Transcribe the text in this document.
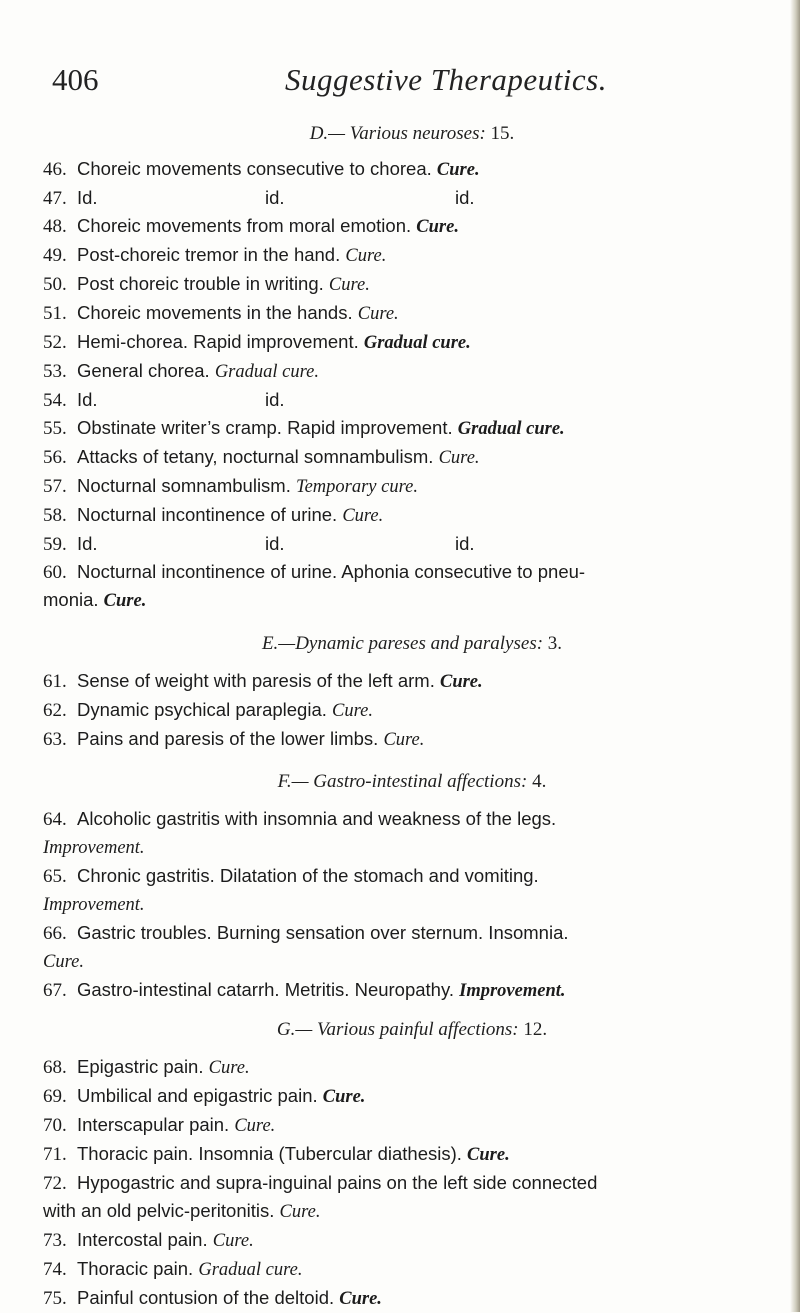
406	Suggestive Therapeutics.

D.— Various neuroses: 15.

46. Choreic movements consecutive to chorea. Cure.

47. Id.	id.	id.

48. Choreic movements from moral emotion. Cure.

49. Post-choreic tremor in the hand. Cure.

50. Post choreic trouble in writing. Cure.

51. Choreic movements in the hands. Cure.

52. Hemi-chorea. Rapid improvement. Gradual cure.

53. General chorea. Gradual cure.

54. Id.	id.

55. Obstinate writer’s cramp. Rapid improvement. Gradual cure.

56. Attacks of tetany, nocturnal somnambulism. Cure.

57. Nocturnal somnambulism. Temporary cure.

58. Nocturnal incontinence of urine. Cure.

59. Id.	id.	id.

60. Nocturnal incontinence of urine. Aphonia consecutive to pneu-
monia. Cure.

E.—Dynamic pareses and paralyses: 3.

61. Sense of weight with paresis of the left arm. Cure.

62. Dynamic psychical paraplegia. Cure.

63. Pains and paresis of the lower limbs. Cure.

F.— Gastro-intestinal affections: 4.

64. Alcoholic gastritis with insomnia and weakness of the legs.
Improvement.

65. Chronic gastritis. Dilatation of the stomach and vomiting.
Improvement.

66. Gastric troubles. Burning sensation over sternum. Insomnia.
Cure.

67. Gastro-intestinal catarrh. Metritis. Neuropathy. Improvement.

G.— Various painful affections: 12.

68. Epigastric pain. Cure.

69. Umbilical and epigastric pain. Cure.

70. Interscapular pain. Cure.

71. Thoracic pain. Insomnia (Tubercular diathesis). Cure.

72. Hypogastric and supra-inguinal pains on the left side connected
with an old pelvic-peritonitis. Cure.

73. Intercostal pain. Cure.

74. Thoracic pain. Gradual cure.

75. Painful contusion of the deltoid. Cure.
